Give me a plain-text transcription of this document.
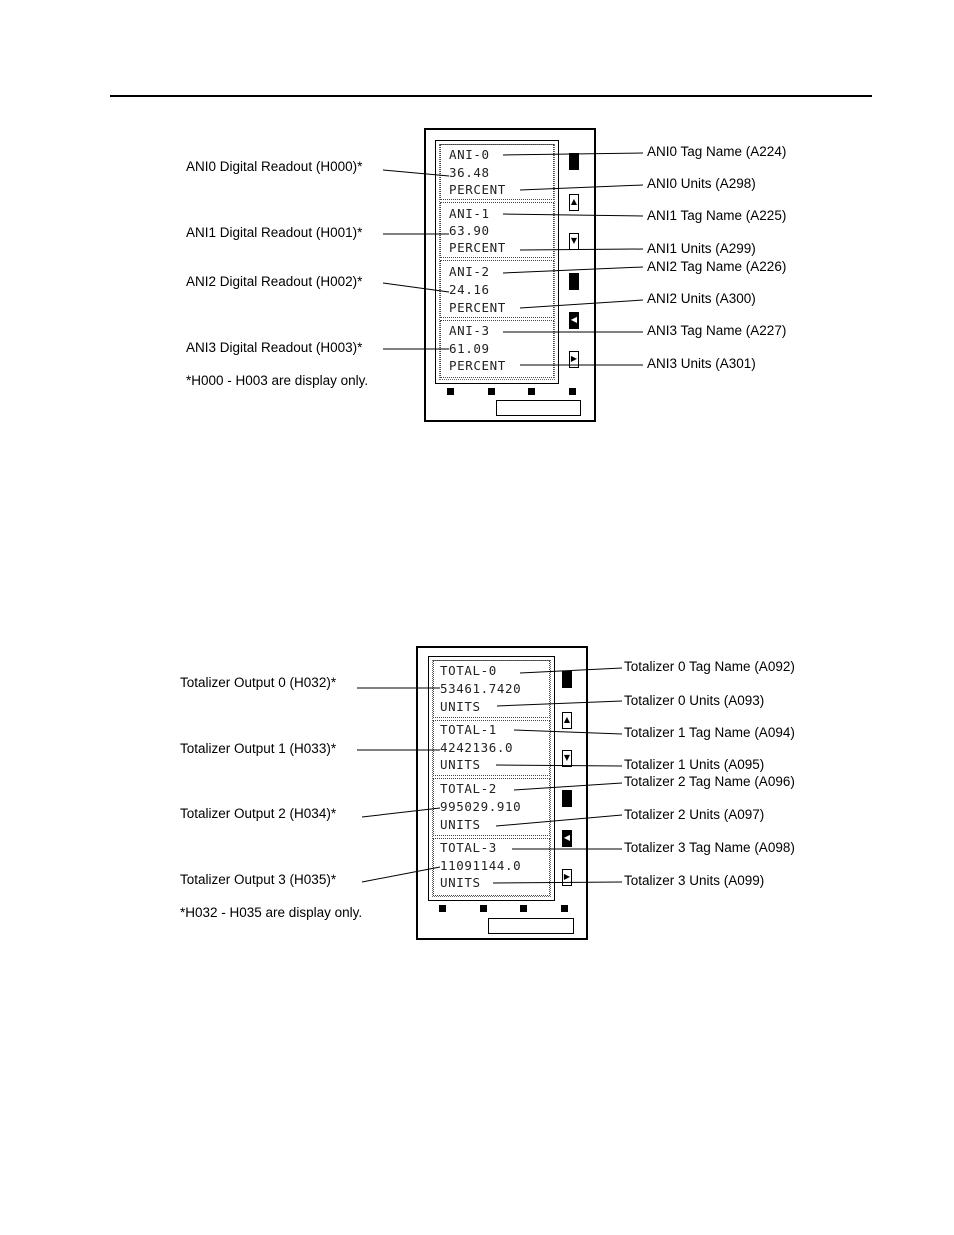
ANI-0
36.48
PERCENT
ANI-1
63.90
PERCENT
ANI-2
24.16
PERCENT
ANI-3
61.09
PERCENT
▲
▼
◀
▶
ANI0 Digital Readout (H000)*
ANI1 Digital Readout (H001)*
ANI2 Digital Readout (H002)*
ANI3 Digital Readout (H003)*
*H000 - H003 are display only.
ANI0 Tag Name (A224)
ANI0 Units (A298)
ANI1 Tag Name (A225)
ANI1 Units (A299)
ANI2 Tag Name (A226)
ANI2 Units (A300)
ANI3 Tag Name (A227)
ANI3 Units (A301)
TOTAL-0
53461.7420
UNITS
TOTAL-1
4242136.0
UNITS
TOTAL-2
995029.910
UNITS
TOTAL-3
11091144.0
UNITS
▲
▼
◀
▶
Totalizer Output 0 (H032)*
Totalizer Output 1 (H033)*
Totalizer Output 2 (H034)*
Totalizer Output 3 (H035)*
*H032 - H035 are display only.
Totalizer 0 Tag Name (A092)
Totalizer 0 Units (A093)
Totalizer 1 Tag Name (A094)
Totalizer 1 Units (A095)
Totalizer 2 Tag Name (A096)
Totalizer 2 Units (A097)
Totalizer 3 Tag Name (A098)
Totalizer 3 Units (A099)
